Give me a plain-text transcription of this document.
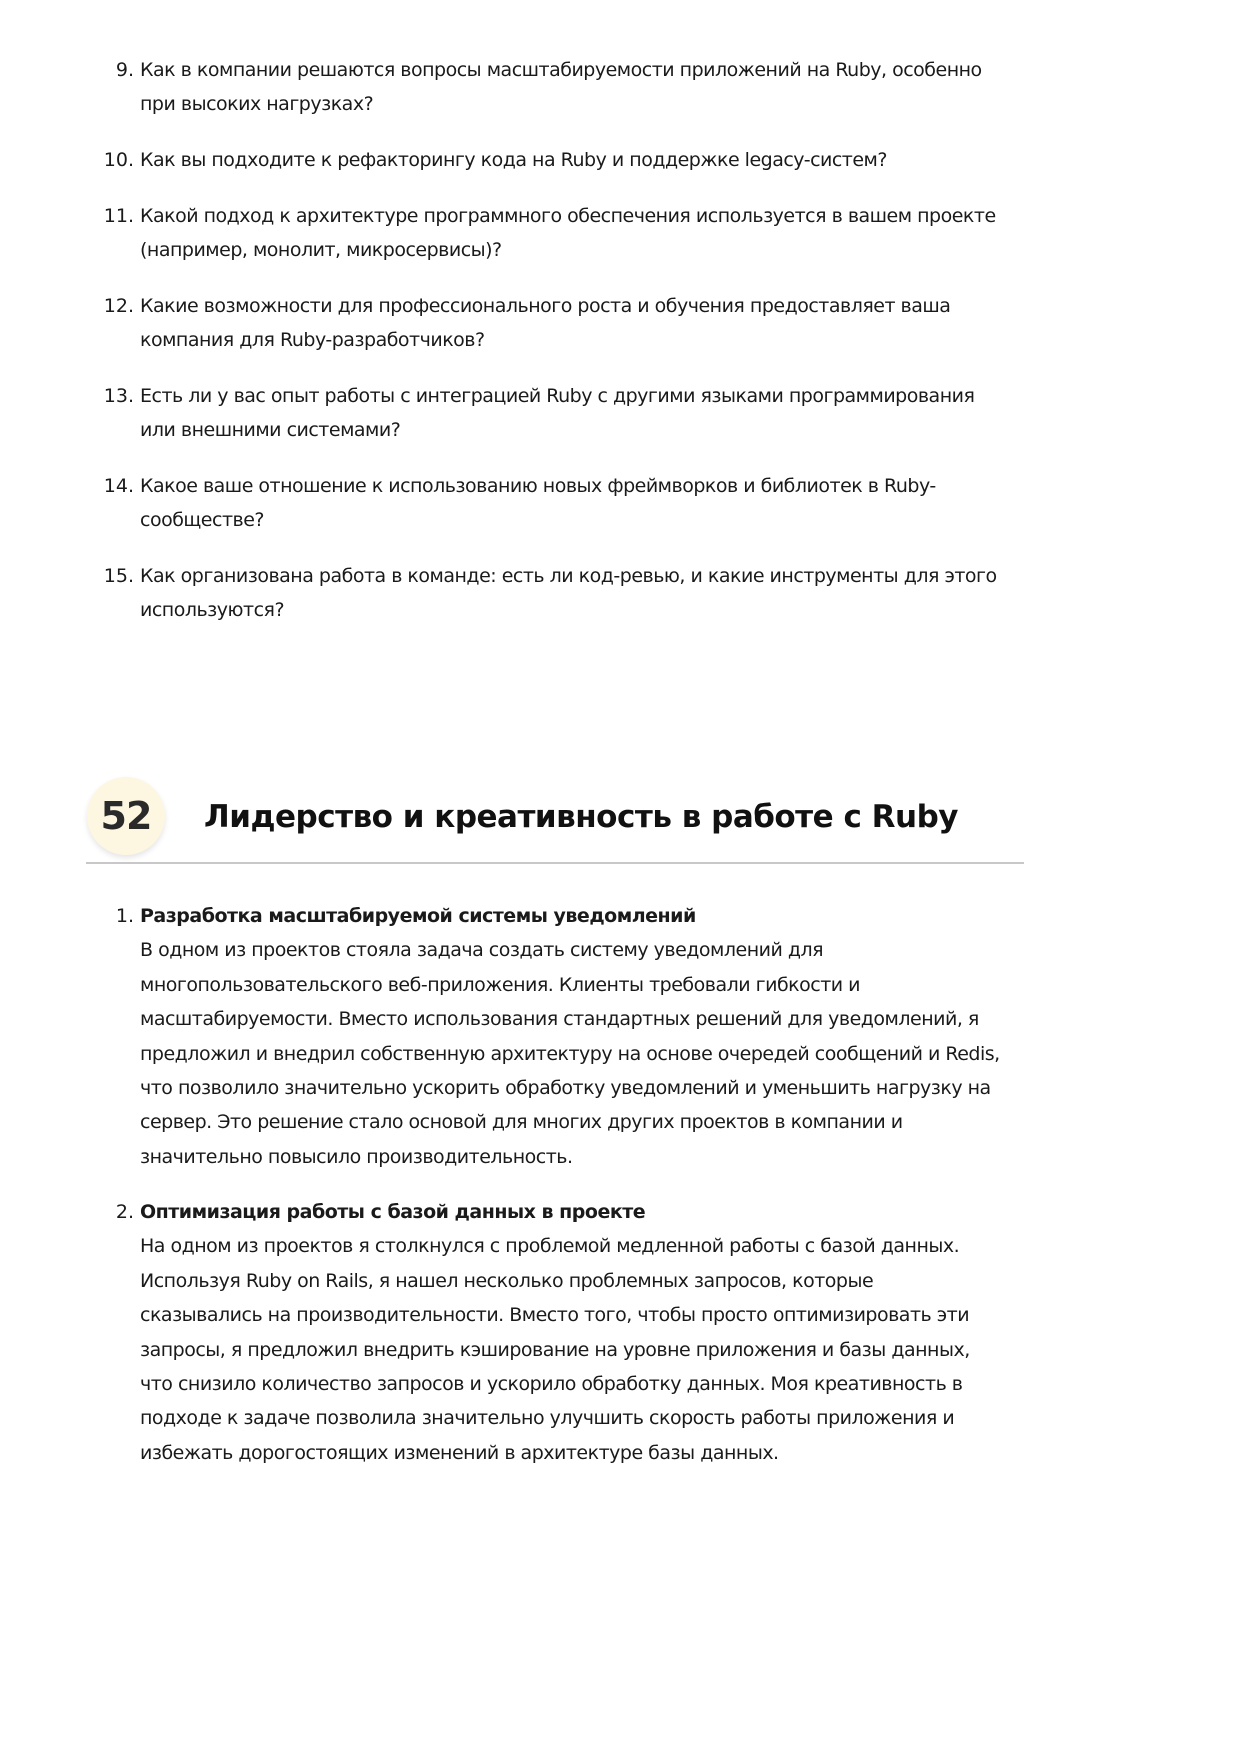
9. Как в компании решаются вопросы масштабируемости приложений на Ruby, особенно
при высоких нагрузках?
10. Как вы подходите к рефакторингу кода на Ruby и поддержке legacy-систем?
11. Какой подход к архитектуре программного обеспечения используется в вашем проекте
(например, монолит, микросервисы)?
12. Какие возможности для профессионального роста и обучения предоставляет ваша
компания для Ruby-разработчиков?
13. Есть ли у вас опыт работы с интеграцией Ruby с другими языками программирования
или внешними системами?
14. Какое ваше отношение к использованию новых фреймворков и библиотек в Ruby-
сообществе?
15. Как организована работа в команде: есть ли код-ревью, и какие инструменты для этого
используются?
52	Лидерство и креативность в работе с Ruby
1. Разработка масштабируемой системы уведомлений
В одном из проектов стояла задача создать систему уведомлений для
многопользовательского веб-приложения. Клиенты требовали гибкости и
масштабируемости. Вместо использования стандартных решений для уведомлений, я
предложил и внедрил собственную архитектуру на основе очередей сообщений и Redis,
что позволило значительно ускорить обработку уведомлений и уменьшить нагрузку на
сервер. Это решение стало основой для многих других проектов в компании и
значительно повысило производительность.
2. Оптимизация работы с базой данных в проекте
На одном из проектов я столкнулся с проблемой медленной работы с базой данных.
Используя Ruby on Rails, я нашел несколько проблемных запросов, которые
сказывались на производительности. Вместо того, чтобы просто оптимизировать эти
запросы, я предложил внедрить кэширование на уровне приложения и базы данных,
что снизило количество запросов и ускорило обработку данных. Моя креативность в
подходе к задаче позволила значительно улучшить скорость работы приложения и
избежать дорогостоящих изменений в архитектуре базы данных.
